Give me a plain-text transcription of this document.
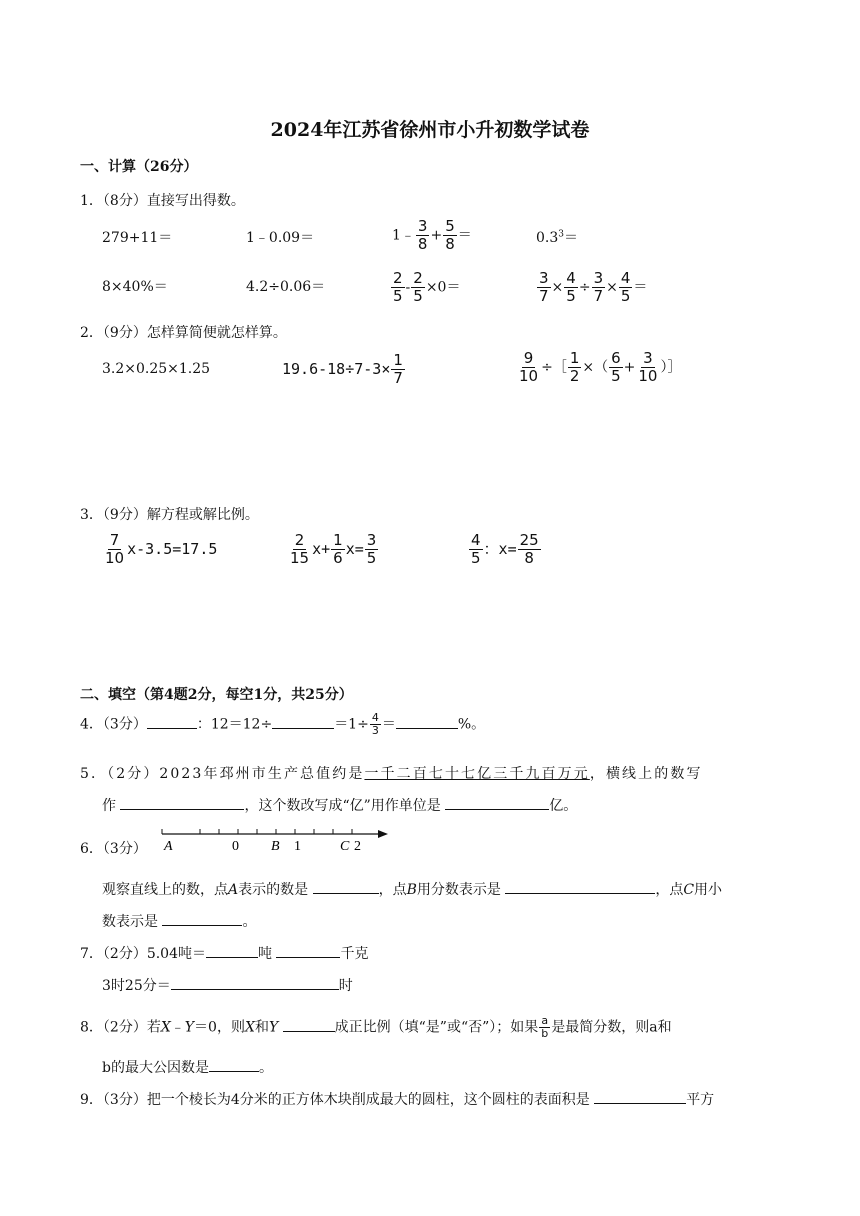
2024年江苏省徐州市小升初数学试卷
一、计算（26分）
1．（8分）直接写出得数。
279+11＝	1﹣0.09＝	1﹣ $\frac{3}{8} + \frac{5}{8}$ ＝	$0.3^3=$
8×40%＝	4.2÷0.06＝	$\frac{2}{5} - \frac{2}{5} \times 0=$	$\frac{3}{7} \times \frac{4}{5} \div \frac{3}{7} \times \frac{4}{5}$ ＝
2．（9分）怎样算简便就怎样算。
3.2×0.25×1.25	$19.6-18\div 7-3\times \frac{1}{7}$	$\frac{9}{10}$ ÷［ $\frac{1}{2}$ ×（ $\frac{6}{5} + \frac{3}{10}$ ）］
3．（9分）解方程或解比例。
$\frac{7}{10} x-3.5=17.5$	$\frac{2}{15} x+ \frac{1}{6} x= \frac{3}{5}$	$\frac{4}{5}$ ：$x= \frac{25}{8}$
二、填空（第4题2分，每空1分，共25分）
4．（3分）	：12＝12÷	$=1\div \frac{4}{3}$ ＝	%。
5．（2分）2023年邳州市生产总值约是一千二百七十七亿三千九百万元，横线上的数写
作	，这个数改写成“亿”用作单位是	亿。
6．（3分） A	0 B 1	C 2
观察直线上的数，点A表示的数是	，点B用分数表示是	，点C用小
数表示是	。
7．（2分）5.04吨＝	吨	千克
3时25分＝	时
8．（2分）若X﹣Y＝0，则X和Y	成正比例（填“是”或“否”）；如果 $\frac{a}{b}$ 是最简分数，则a和
b的最大公因数是	。
9．（3分）把一个棱长为4分米的正方体木块削成最大的圆柱，这个圆柱的表面积是	平方
